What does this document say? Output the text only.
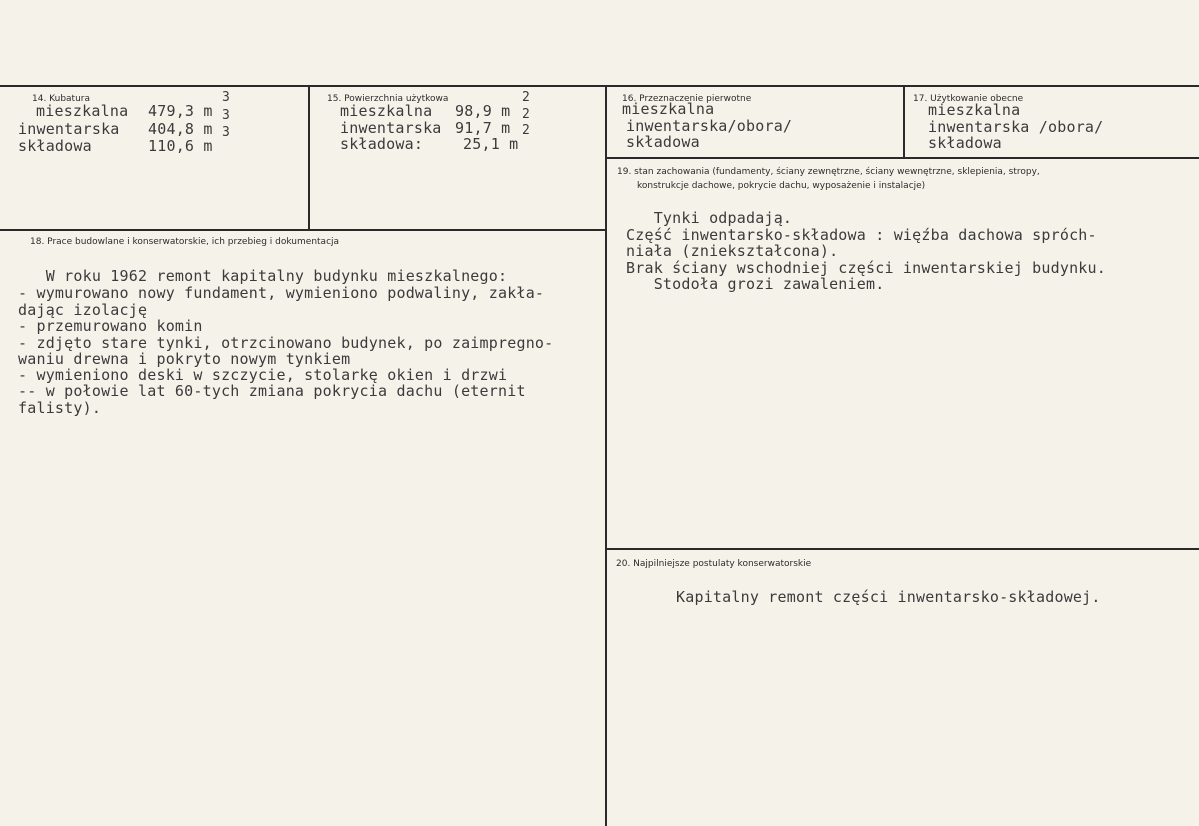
14. Kubatura
mieszkalna 479,3 m
3
inwentarska 404,8 m
3
składowa	110,6 m
3
15. Powierzchnia użytkowa
mieszkalna 98,9 m
2
inwentarska 91,7 m
2
składowa:	25,1 m
2
16. Przeznaczenie pierwotne
mieszkalna
inwentarska/obora/
składowa
17. Użytkowanie obecne
mieszkalna
inwentarska /obora/
składowa
18. Prace budowlane i konserwatorskie, ich przebieg i dokumentacja
W roku 1962 remont kapitalny budynku mieszkalnego:
- wymurowano nowy fundament, wymieniono podwaliny, zakła-
dając izolację
- przemurowano komin
- zdjęto stare tynki, otrzcinowano budynek, po zaimpregno-
waniu drewna i pokryto nowym tynkiem
- wymieniono deski w szczycie, stolarkę okien i drzwi
-- w połowie lat 60-tych zmiana pokrycia dachu (eternit
falisty).
19. stan zachowania (fundamenty, ściany zewnętrzne, ściany wewnętrzne, sklepienia, stropy,
konstrukcje dachowe, pokrycie dachu, wyposażenie i instalacje)
Tynki odpadają.
Część inwentarsko-składowa : więźba dachowa spróch-
niała (zniekształcona).
Brak ściany wschodniej części inwentarskiej budynku.
Stodoła grozi zawaleniem.
20. Najpilniejsze postulaty konserwatorskie
Kapitalny remont części inwentarsko-składowej.
